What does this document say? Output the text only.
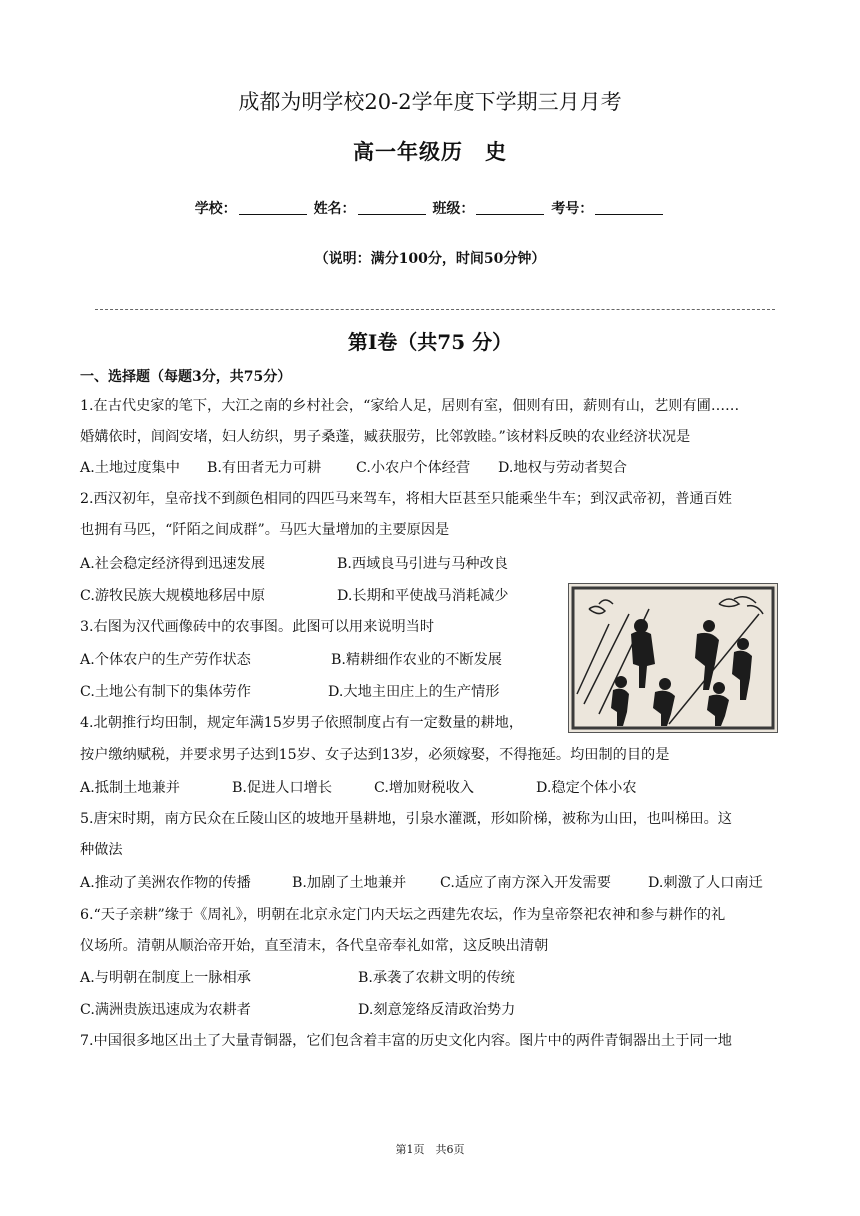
成都为明学校20-2学年度下学期三月月考
高一年级历　史
学校：	姓名：	班级：	考号：
（说明：满分100分，时间50分钟）
第Ⅰ卷（共75 分）
一、选择题（每题3分，共75分）
1.在古代史家的笔下，大江之南的乡村社会，“家给人足，居则有室，佃则有田，薪则有山，艺则有圃……
婚媾依时，闾阎安堵，妇人纺织，男子桑蓬，臧获服劳，比邻敦睦。”该材料反映的农业经济状况是
A.土地过度集中 B.有田者无力可耕 C.小农户个体经营 D.地权与劳动者契合
2.西汉初年，皇帝找不到颜色相同的四匹马来驾车，将相大臣甚至只能乘坐牛车；到汉武帝初，普通百姓
也拥有马匹，“阡陌之间成群”。马匹大量增加的主要原因是
A.社会稳定经济得到迅速发展	B.西域良马引进与马种改良
C.游牧民族大规模地移居中原	D.长期和平使战马消耗减少
3.右图为汉代画像砖中的农事图。此图可以用来说明当时
A.个体农户的生产劳作状态	B.精耕细作农业的不断发展
C.土地公有制下的集体劳作	D.大地主田庄上的生产情形
4.北朝推行均田制，规定年满15岁男子依照制度占有一定数量的耕地，
按户缴纳赋税，并要求男子达到15岁、女子达到13岁，必须嫁娶，不得拖延。均田制的目的是
A.抵制土地兼并	B.促进人口增长	C.增加财税收入	D.稳定个体小农
5.唐宋时期，南方民众在丘陵山区的坡地开垦耕地，引泉水灌溉，形如阶梯，被称为山田，也叫梯田。这
种做法
A.推动了美洲农作物的传播	B.加剧了土地兼并 C.适应了南方深入开发需要	D.刺激了人口南迁
6.“天子亲耕”缘于《周礼》，明朝在北京永定门内天坛之西建先农坛，作为皇帝祭祀农神和参与耕作的礼
仪场所。清朝从顺治帝开始，直至清末，各代皇帝奉礼如常，这反映出清朝
A.与明朝在制度上一脉相承	B.承袭了农耕文明的传统
C.满洲贵族迅速成为农耕者	D.刻意笼络反清政治势力
7.中国很多地区出土了大量青铜器，它们包含着丰富的历史文化内容。图片中的两件青铜器出土于同一地
第1页　共6页
